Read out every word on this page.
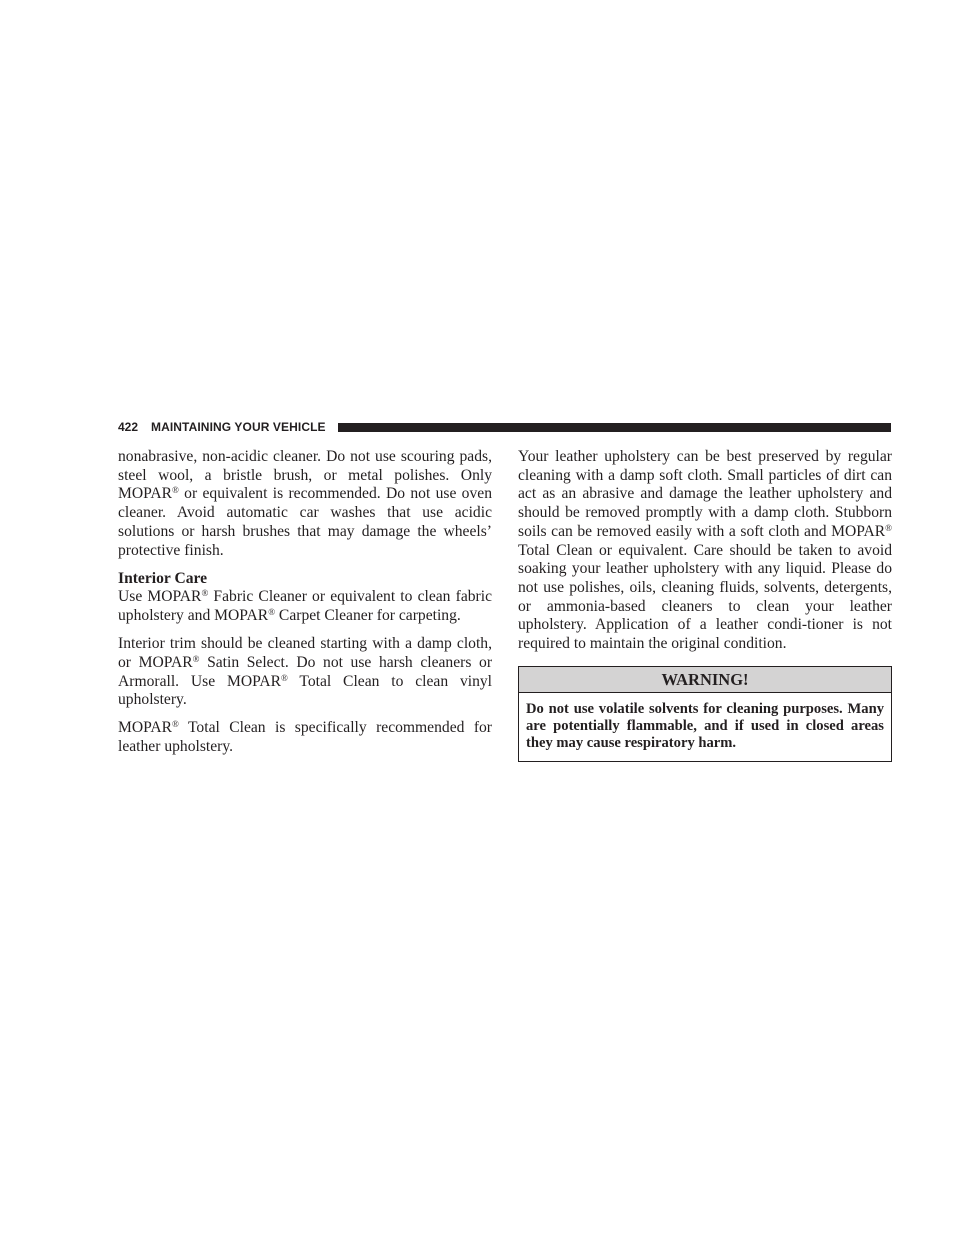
422 MAINTAINING YOUR VEHICLE

nonabrasive, non-acidic cleaner. Do not use scouring pads, steel wool, a bristle brush, or metal polishes. Only MOPAR® or equivalent is recommended. Do not use oven cleaner. Avoid automatic car washes that use acidic solutions or harsh brushes that may damage the wheels’ protective finish.

Interior Care

Use MOPAR® Fabric Cleaner or equivalent to clean fabric upholstery and MOPAR® Carpet Cleaner for carpeting.

Interior trim should be cleaned starting with a damp cloth, or MOPAR® Satin Select. Do not use harsh cleaners or Armorall. Use MOPAR® Total Clean to clean vinyl upholstery.

MOPAR® Total Clean is specifically recommended for leather upholstery.

Your leather upholstery can be best preserved by regular cleaning with a damp soft cloth. Small particles of dirt can act as an abrasive and damage the leather upholstery and should be removed promptly with a damp cloth. Stubborn soils can be removed easily with a soft cloth and MOPAR® Total Clean or equivalent. Care should be taken to avoid soaking your leather upholstery with any liquid. Please do not use polishes, oils, cleaning fluids, solvents, detergents, or ammonia-based cleaners to clean your leather upholstery. Application of a leather condi-tioner is not required to maintain the original condition.

WARNING!
Do not use volatile solvents for cleaning purposes. Many are potentially flammable, and if used in closed areas they may cause respiratory harm.
